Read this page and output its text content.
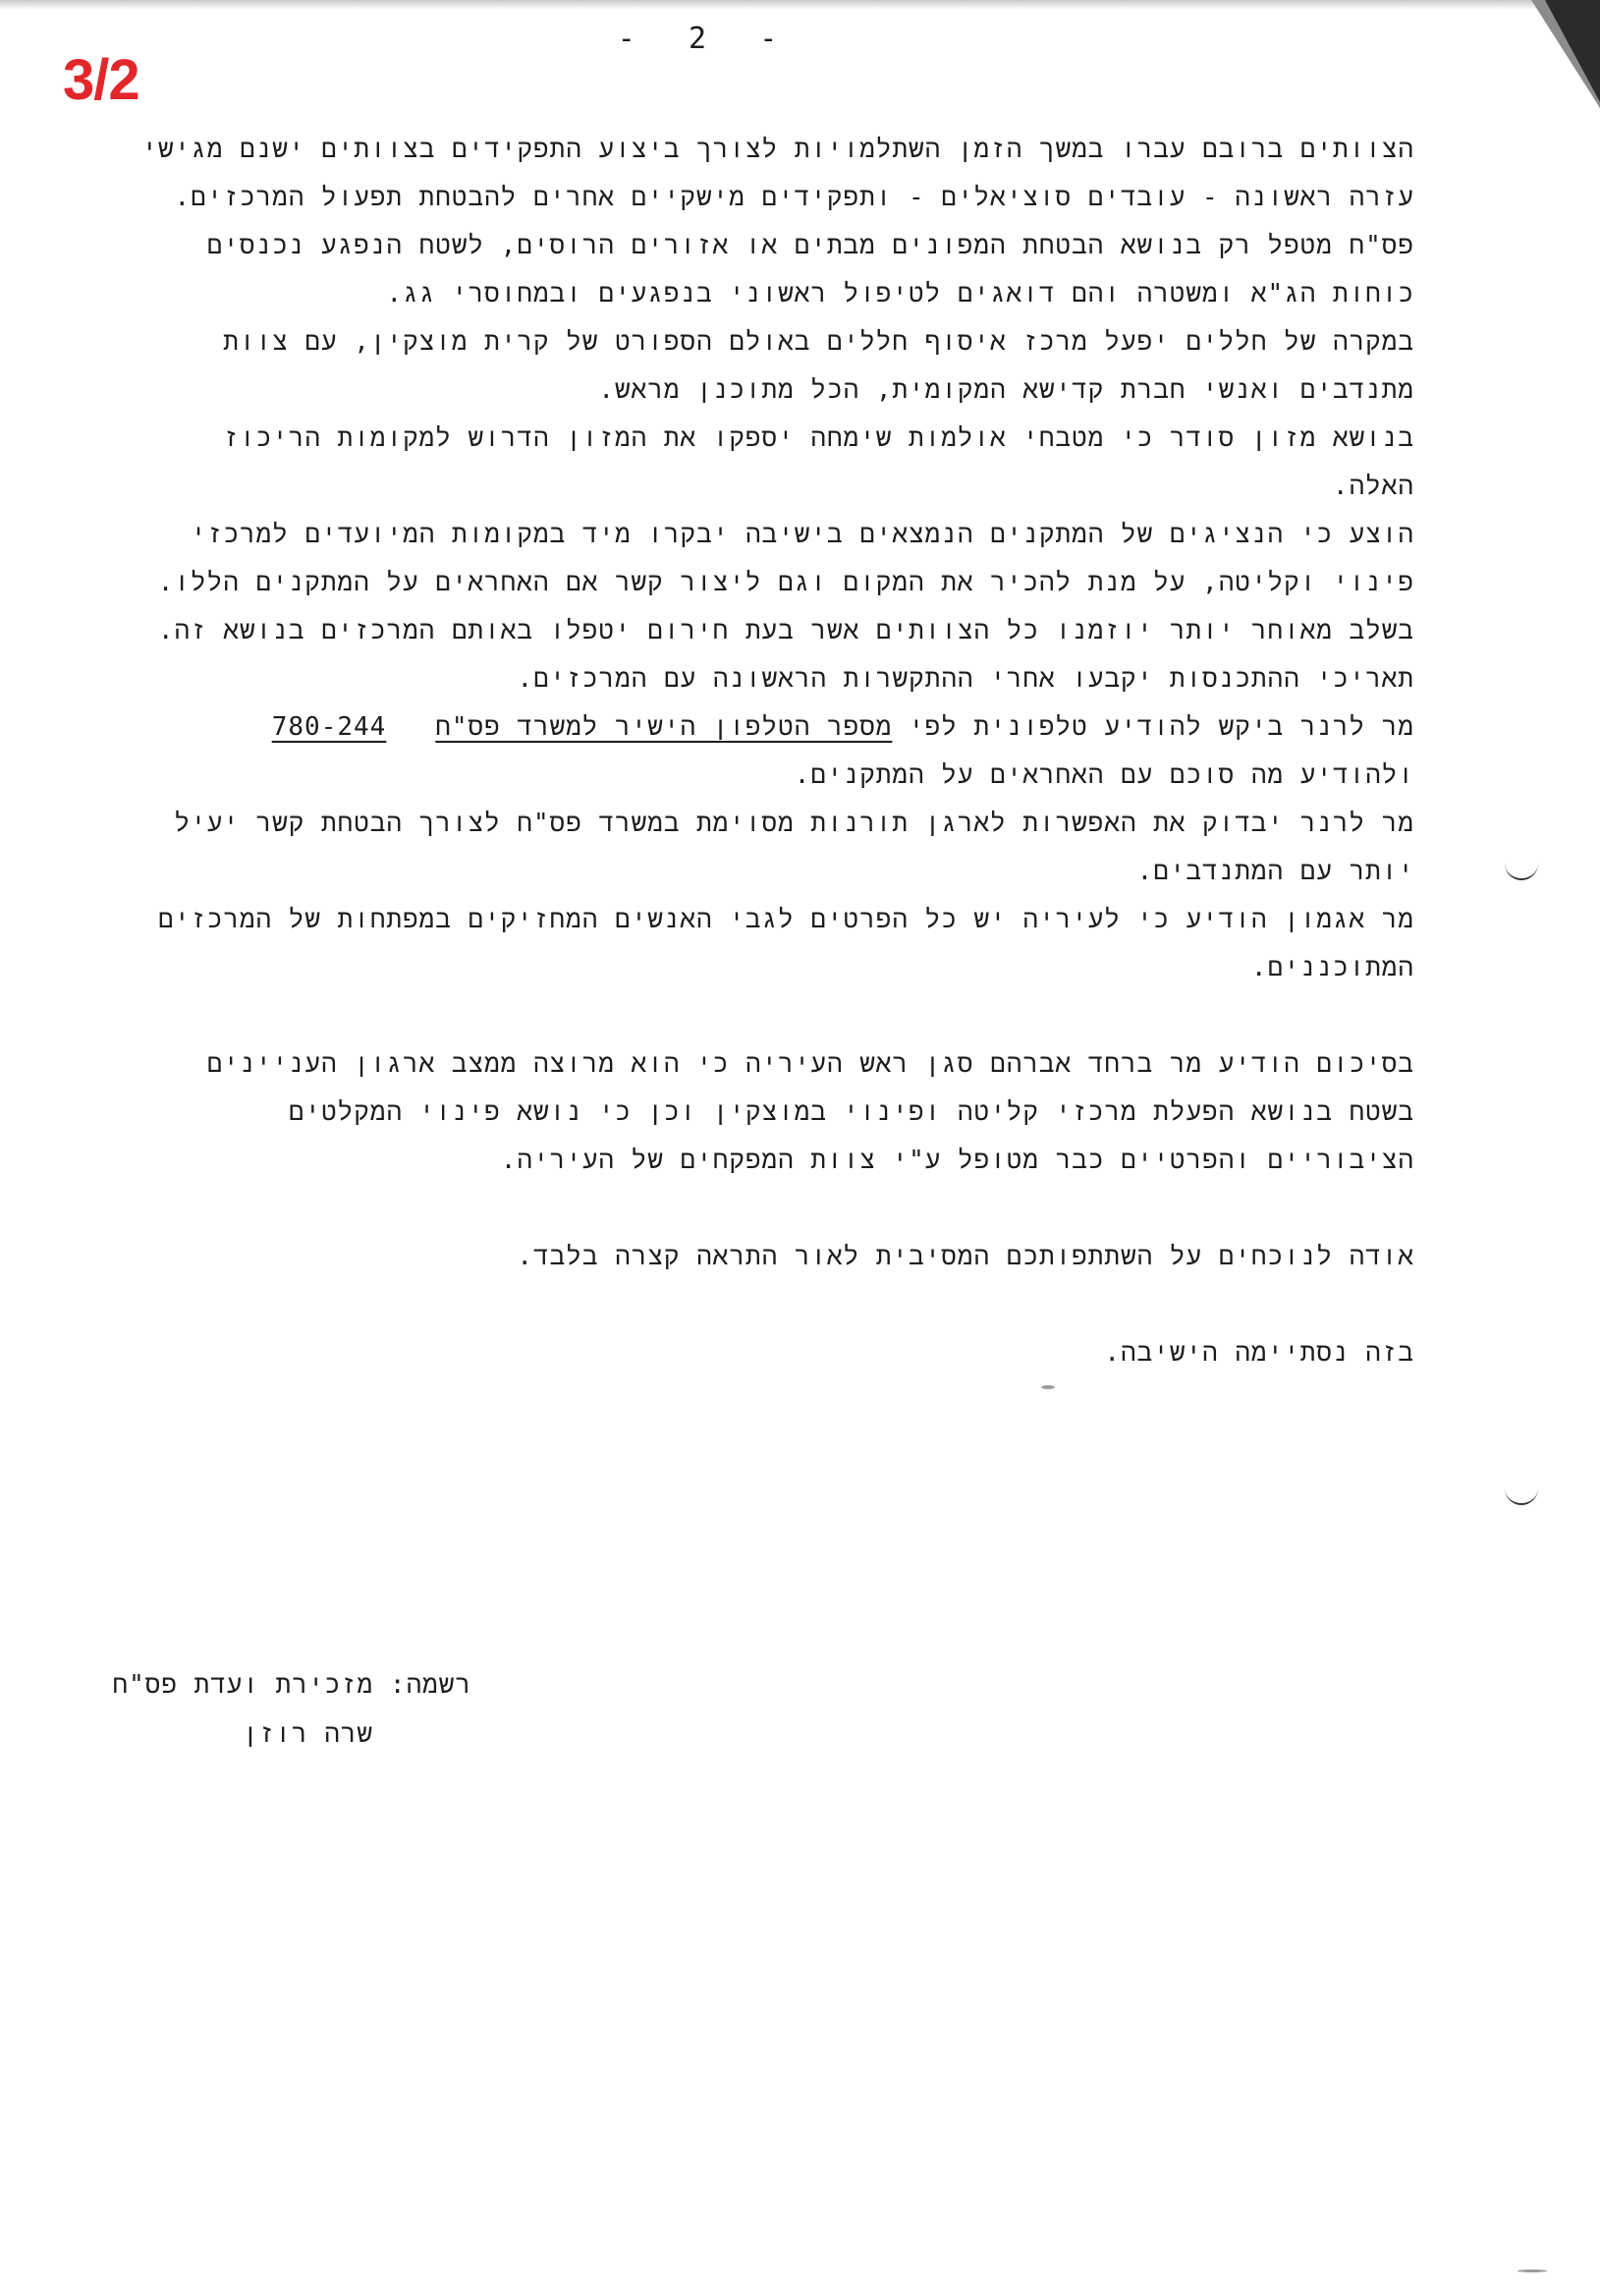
3/2
-   2   -

הצוותים ברובם עברו במשך הזמן השתלמויות לצורך ביצוע התפקידים בצוותים ישנם מגישי עזרה ראשונה - עובדים סוציאלים - ותפקידים מישקיים אחרים להבטחת תפעול המרכזים.

פס"ח מטפל רק בנושא הבטחת המפונים מבתים או אזורים הרוסים, לשטח הנפגע נכנסים כוחות הג"א ומשטרה והם דואגים לטיפול ראשוני בנפגעים ובמחוסרי גג.

במקרה של חללים יפעל מרכז איסוף חללים באולם הספורט של קרית מוצקין, עם צוות מתנדבים ואנשי חברת קדישא המקומית, הכל מתוכנן מראש.

בנושא מזון סודר כי מטבחי אולמות שימחה יספקו את המזון הדרוש למקומות הריכוז האלה.

הוצע כי הנציגים של המתקנים הנמצאים בישיבה יבקרו מיד במקומות המיועדים למרכזי פינוי וקליטה, על מנת להכיר את המקום וגם ליצור קשר אם האחראים על המתקנים הללו.

בשלב מאוחר יותר יוזמנו כל הצוותים אשר בעת חירום יטפלו באותם המרכזים בנושא זה.

תאריכי ההתכנסות יקבעו אחרי ההתקשרות הראשונה עם המרכזים.

מר לרנר ביקש להודיע טלפונית לפי מספר הטלפון הישיר למשרד פס"ח   780-244
ולהודיע מה סוכם עם האחראים על המתקנים.

מר לרנר יבדוק את האפשרות לארגן תורנות מסוימת במשרד פס"ח לצורך הבטחת קשר יעיל יותר עם המתנדבים.

מר אגמון הודיע כי לעיריה יש כל הפרטים לגבי האנשים המחזיקים במפתחות של המרכזים המתוכננים.

בסיכום הודיע מר ברחד אברהם סגן ראש העיריה כי הוא מרוצה ממצב ארגון העניינים בשטח בנושא הפעלת מרכזי קליטה ופינוי במוצקין וכן כי נושא פינוי המקלטים הציבוריים והפרטיים כבר מטופל ע"י צוות המפקחים של העיריה.

אודה לנוכחים על השתתפותכם המסיבית לאור התראה קצרה בלבד.

בזה נסתיימה הישיבה.

רשמה: מזכירת ועדת פס"ח
שרה רוזן
